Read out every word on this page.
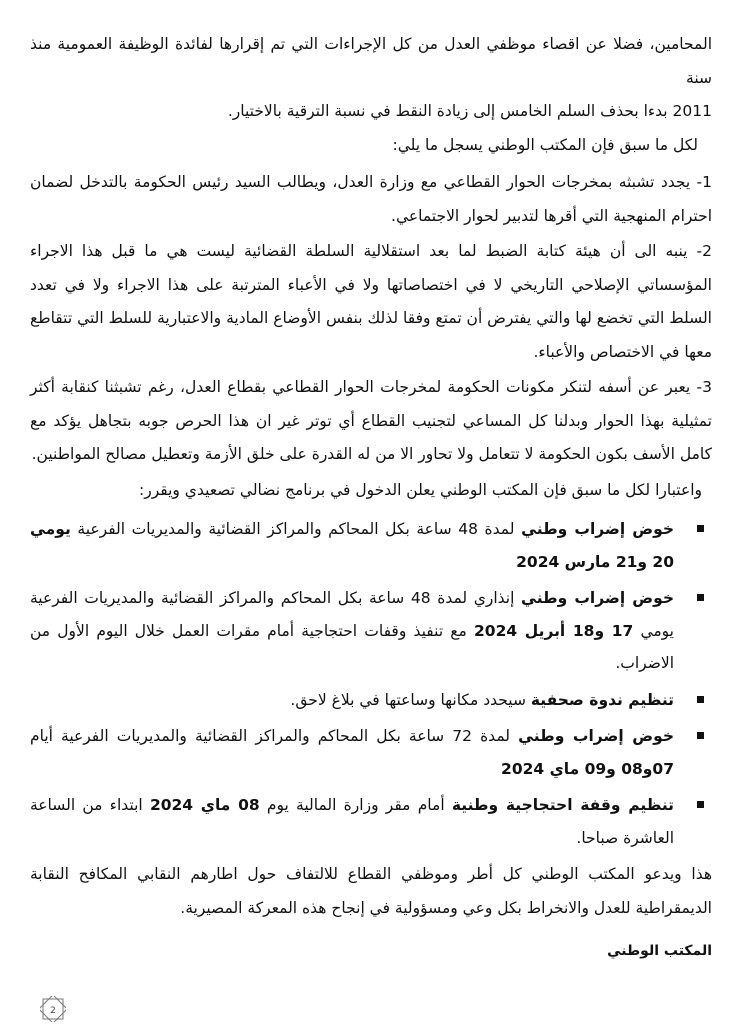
المحامين، فضلا عن اقصاء موظفي العدل من كل الإجراءات التي تم إقرارها لفائدة الوظيفة العمومية منذ سنة

2011 بدءا بحذف السلم الخامس إلى زيادة النقط في نسبة الترقية بالاختيار.

لكل ما سبق فإن المكتب الوطني يسجل ما يلي:

1- يجدد تشبثه بمخرجات الحوار القطاعي مع وزارة العدل، ويطالب السيد رئيس الحكومة بالتدخل لضمان احترام المنهجية التي أقرها لتدبير لحوار الاجتماعي.

2- ينبه الى أن هيئة كتابة الضبط لما بعد استقلالية السلطة القضائية ليست هي ما قبل هذا الاجراء المؤسساتي الإصلاحي التاريخي لا في اختصاصاتها ولا في الأعباء المترتبة على هذا الاجراء ولا في تعدد السلط التي تخضع لها والتي يفترض أن تمتع وفقا لذلك بنفس الأوضاع المادية والاعتبارية للسلط التي تتقاطع معها في الاختصاص والأعباء.

3- يعبر عن أسفه لتنكر مكونات الحكومة لمخرجات الحوار القطاعي بقطاع العدل، رغم تشبثنا كنقابة أكثر تمثيلية بهذا الحوار وبدلنا كل المساعي لتجنيب القطاع أي توتر غير ان هذا الحرص جوبه بتجاهل يؤكد مع كامل الأسف بكون الحكومة لا تتعامل ولا تحاور الا من له القدرة على خلق الأزمة وتعطيل مصالح المواطنين.

واعتبارا لكل ما سبق فإن المكتب الوطني يعلن الدخول في برنامج نضالي تصعيدي ويقرر:

خوض إضراب وطني لمدة 48 ساعة بكل المحاكم والمراكز القضائية والمديريات الفرعية يومي 20 و21 مارس 2024
خوض إضراب وطني إنذاري لمدة 48 ساعة بكل المحاكم والمراكز القضائية والمديريات الفرعية يومي 17 و18 أبريل 2024 مع تنفيذ وقفات احتجاجية أمام مقرات العمل خلال اليوم الأول من الاضراب.
تنظيم ندوة صحفية سيحدد مكانها وساعتها في بلاغ لاحق.
خوض إضراب وطني لمدة 72 ساعة بكل المحاكم والمراكز القضائية والمديريات الفرعية أيام 07و08 و09 ماي 2024
تنظيم وقفة احتجاجية وطنية أمام مقر وزارة المالية يوم 08 ماي 2024 ابتداء من الساعة العاشرة صباحا.

هذا ويدعو المكتب الوطني كل أطر وموظفي القطاع للالتفاف حول اطارهم النقابي المكافح النقابة الديمقراطية للعدل والانخراط بكل وعي ومسؤولية في إنجاح هذه المعركة المصيرية.

المكتب الوطني

2
